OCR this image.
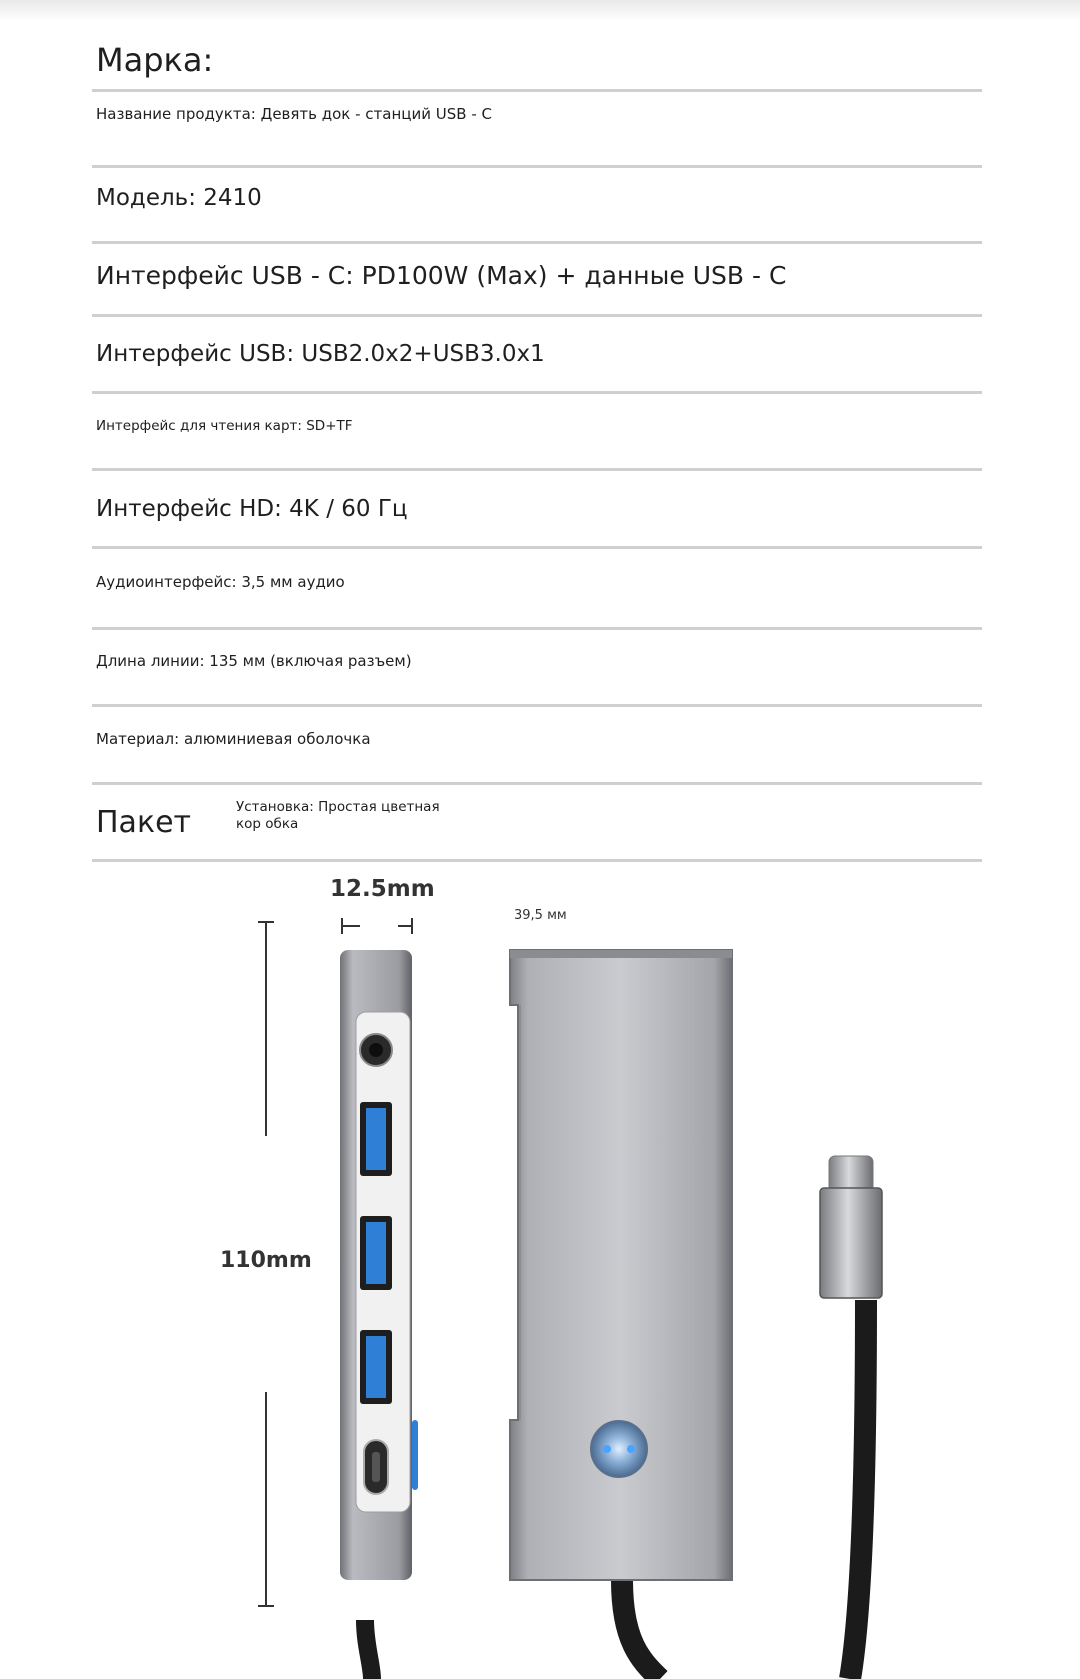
Марка:
Название продукта: Девять док - станций USB - C
Модель: 2410
Интерфейс USB - C: PD100W (Max) + данные USB - C
Интерфейс USB: USB2.0x2+USB3.0x1
Интерфейс для чтения карт: SD+TF
Интерфейс HD: 4K / 60 Гц
Аудиоинтерфейс: 3,5 мм аудио
Длина линии: 135 мм (включая разъем)
Материал: алюминиевая оболочка
Пакет	Установка: Простая цветная кор обка
12.5mm
39,5 мм
110mm
